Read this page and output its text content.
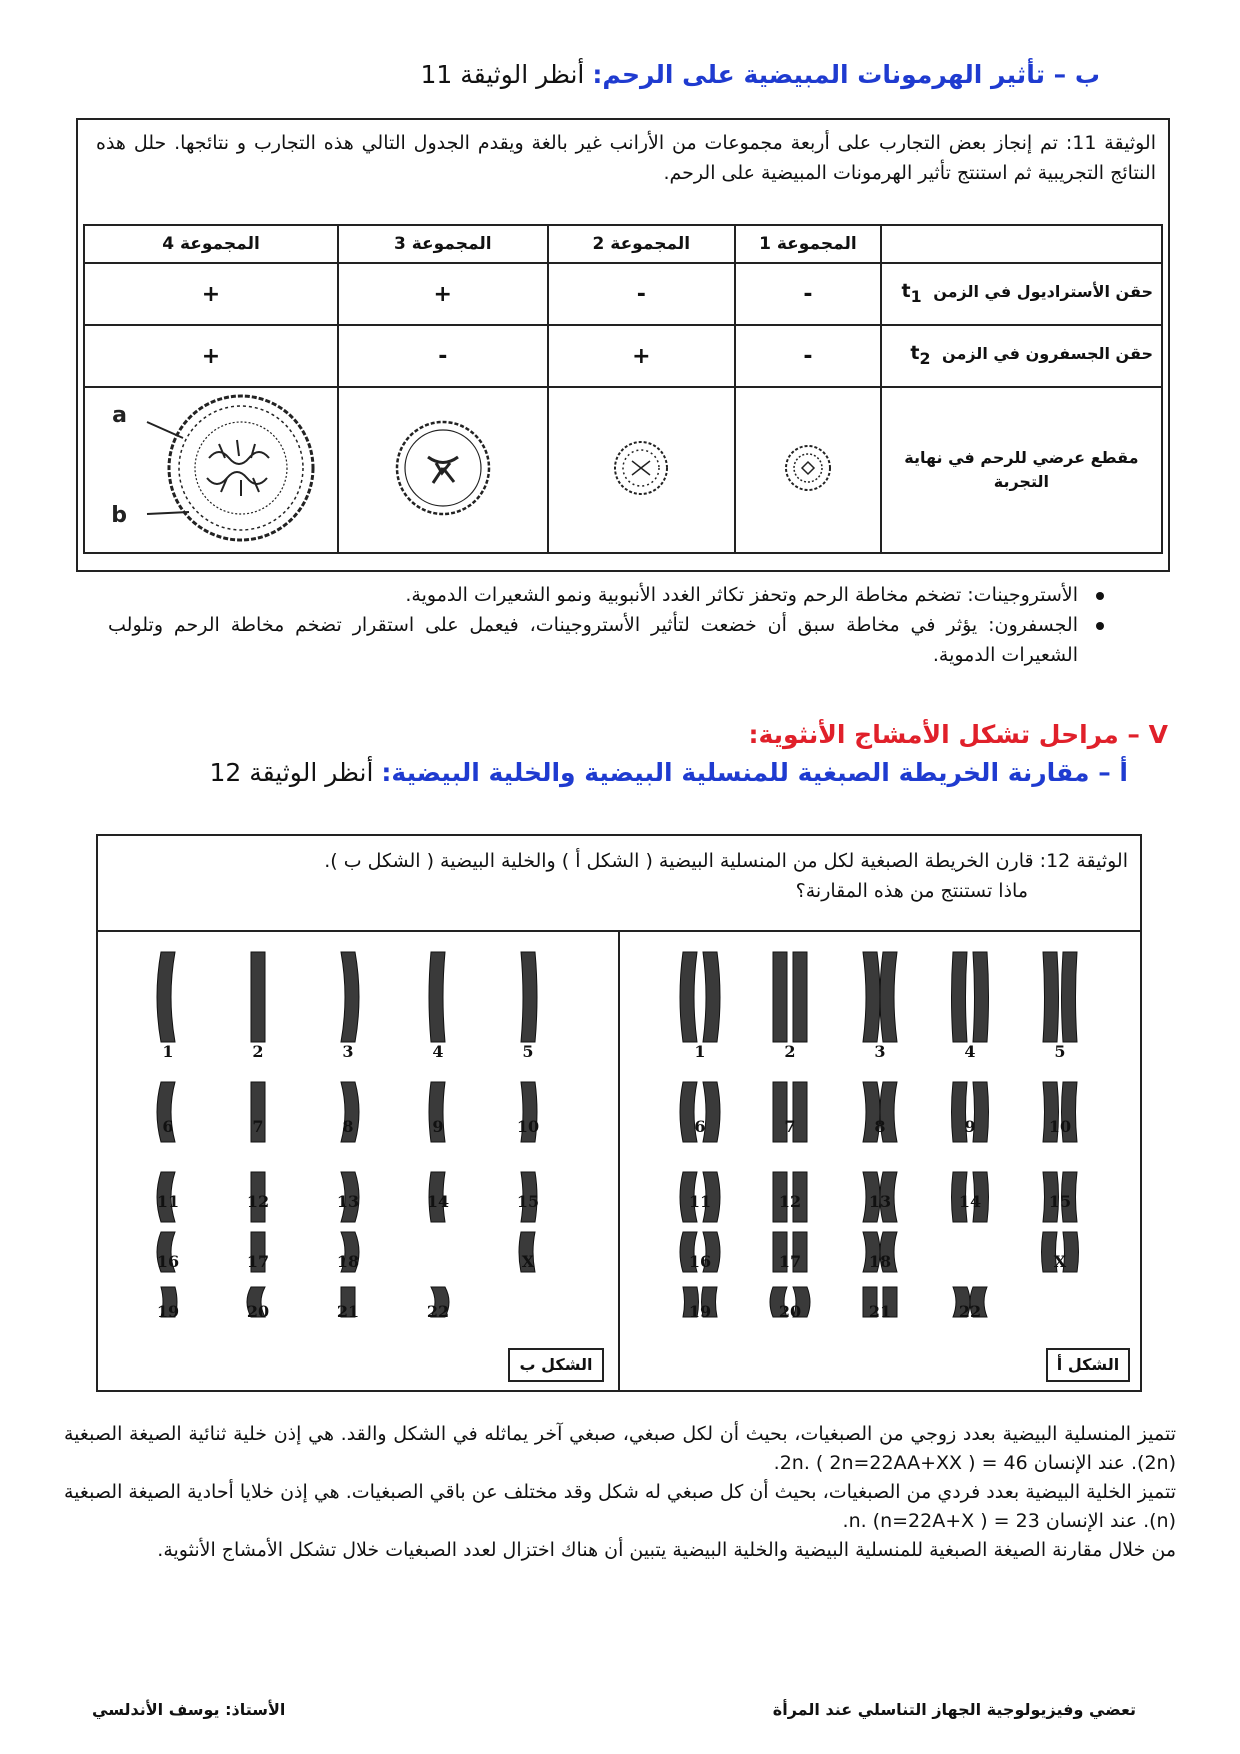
ب – تأثير الهرمونات المبيضية على الرحم: أنظر الوثيقة 11
الوثيقة 11: تم إنجاز بعض التجارب على أربعة مجموعات من الأرانب غير بالغة ويقدم الجدول التالي هذه التجارب و نتائجها. حلل هذه النتائج التجريبية ثم استنتج تأثير الهرمونات المبيضية على الرحم.
	المجموعة 1	المجموعة 2	المجموعة 3	المجموعة 4
حقن الأستراديول في الزمن $t_1$	-	-	+	+
حقن الجسفرون في الزمن $t_2$	-	+	-	+
مقطع عرضي للرحم في نهاية التجربة				a
b
الأستروجينات: تضخم مخاطة الرحم وتحفز تكاثر الغدد الأنبوبية ونمو الشعيرات الدموية.
الجسفرون: يؤثر في مخاطة سبق أن خضعت لتأثير الأستروجينات، فيعمل على استقرار تضخم مخاطة الرحم وتلولب الشعيرات الدموية.
V – مراحل تشكل الأمشاج الأنثوية:
أ – مقارنة الخريطة الصبغية للمنسلية البيضية والخلية البيضية: أنظر الوثيقة 12
الوثيقة 12: قارن الخريطة الصبغية لكل من المنسلية البيضية ( الشكل أ ) والخلية البيضية ( الشكل ب ).
ماذا تستنتج من هذه المقارنة؟
1	2	3	4	5
6	7	8	9	10
11	12	13	14	15
16	17	18	X
19	20	21	22
الشكل أ
1	2	3	4	5
6	7	8	9	10
11	12	13	14	15
16	17	18	X
19	20	21	22
الشكل ب

تتميز المنسلية البيضية بعدد زوجي من الصبغيات، بحيث أن لكل صبغي، صبغي آخر يماثله في الشكل والقد. هي إذن خلية ثنائية الصيغة الصبغية (2n). عند الإنسان 46 = 2n. ( 2n=22AA+XX ).

تتميز الخلية البيضية بعدد فردي من الصبغيات، بحيث أن كل صبغي له شكل وقد مختلف عن باقي الصبغيات. هي إذن خلايا أحادية الصيغة الصبغية (n). عند الإنسان 23 = n. (n=22A+X ).

من خلال مقارنة الصيغة الصبغية للمنسلية البيضية والخلية البيضية يتبين أن هناك اختزال لعدد الصبغيات خلال تشكل الأمشاج الأنثوية.

تعضي وفيزيولوجية الجهاز التناسلي عند المرأة
الأستاذ: يوسف الأندلسي
